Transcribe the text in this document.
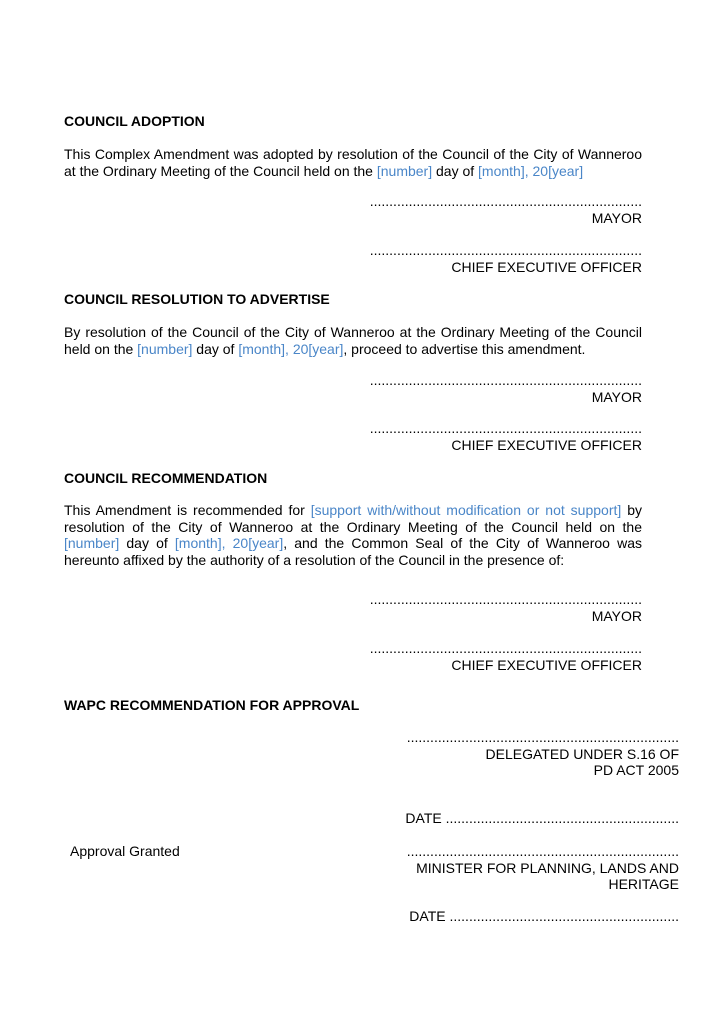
COUNCIL ADOPTION
This Complex Amendment was adopted by resolution of the Council of the City of Wanneroo at the Ordinary Meeting of the Council held on the [number] day of [month], 20[year]
......................................................................
MAYOR
......................................................................
CHIEF EXECUTIVE OFFICER
COUNCIL RESOLUTION TO ADVERTISE
By resolution of the Council of the City of Wanneroo at the Ordinary Meeting of the Council held on the [number] day of [month], 20[year], proceed to advertise this amendment.
......................................................................
MAYOR
......................................................................
CHIEF EXECUTIVE OFFICER
COUNCIL RECOMMENDATION
This Amendment is recommended for [support with/without modification or not support] by resolution of the City of Wanneroo at the Ordinary Meeting of the Council held on the [number] day of [month], 20[year], and the Common Seal of the City of Wanneroo was hereunto affixed by the authority of a resolution of the Council in the presence of:
......................................................................
MAYOR
......................................................................
CHIEF EXECUTIVE OFFICER
WAPC RECOMMENDATION FOR APPROVAL
......................................................................
DELEGATED UNDER S.16 OF
PD ACT 2005
DATE ............................................................
Approval Granted	......................................................................
MINISTER FOR PLANNING, LANDS AND
HERITAGE
DATE ...........................................................
